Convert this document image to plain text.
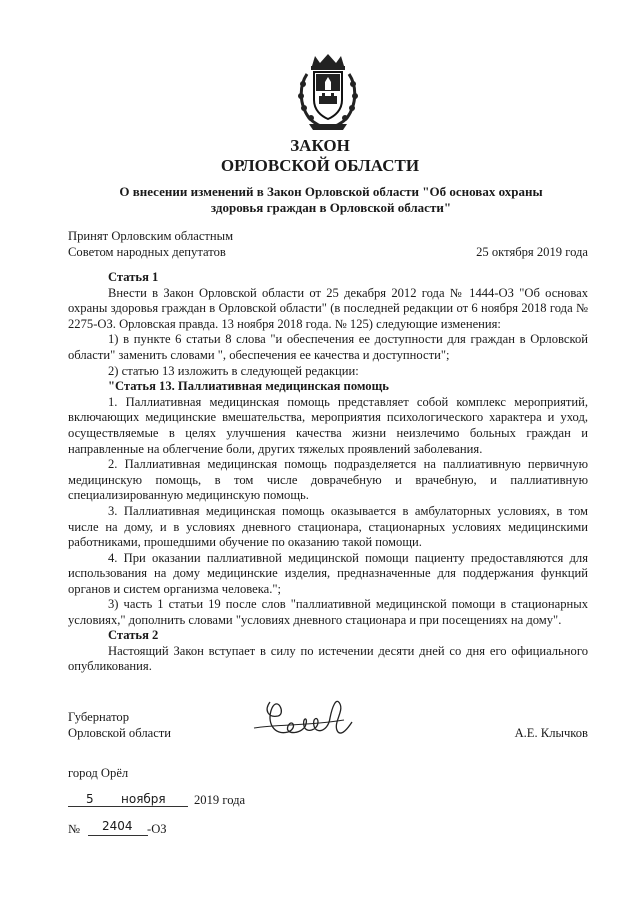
ЗАКОН
ОРЛОВСКОЙ ОБЛАСТИ
О внесении изменений в Закон Орловской области "Об основах охраны здоровья граждан в Орловской области"
Принят Орловским областным
Советом народных депутатов	25 октября 2019 года

Статья 1

Внести в Закон Орловской области от 25 декабря 2012 года № 1444-ОЗ "Об основах охраны здоровья граждан в Орловской области" (в последней редакции от 6 ноября 2018 года № 2275-ОЗ. Орловская правда. 13 ноября 2018 года. № 125) следующие изменения:

1) в пункте 6 статьи 8 слова "и обеспечения ее доступности для граждан в Орловской области" заменить словами ", обеспечения ее качества и доступности";

2) статью 13 изложить в следующей редакции:

"Статья 13. Паллиативная медицинская помощь

1. Паллиативная медицинская помощь представляет собой комплекс мероприятий, включающих медицинские вмешательства, мероприятия психологического характера и уход, осуществляемые в целях улучшения качества жизни неизлечимо больных граждан и направленные на облегчение боли, других тяжелых проявлений заболевания.

2. Паллиативная медицинская помощь подразделяется на паллиативную первичную медицинскую помощь, в том числе доврачебную и врачебную, и паллиативную специализированную медицинскую помощь.

3. Паллиативная медицинская помощь оказывается в амбулаторных условиях, в том числе на дому, и в условиях дневного стационара, стационарных условиях медицинскими работниками, прошедшими обучение по оказанию такой помощи.

4. При оказании паллиативной медицинской помощи пациенту предоставляются для использования на дому медицинские изделия, предназначенные для поддержания функций органов и систем организма человека.";

3) часть 1 статьи 19 после слов "паллиативной медицинской помощи в стационарных условиях," дополнить словами "условиях дневного стационара и при посещениях на дому".

Статья 2

Настоящий Закон вступает в силу по истечении десяти дней со дня его официального опубликования.

Губернатор
Орловской области	А.Е. Клычков
город Орёл
5 ноября 2019 года
№ 2404 -ОЗ
